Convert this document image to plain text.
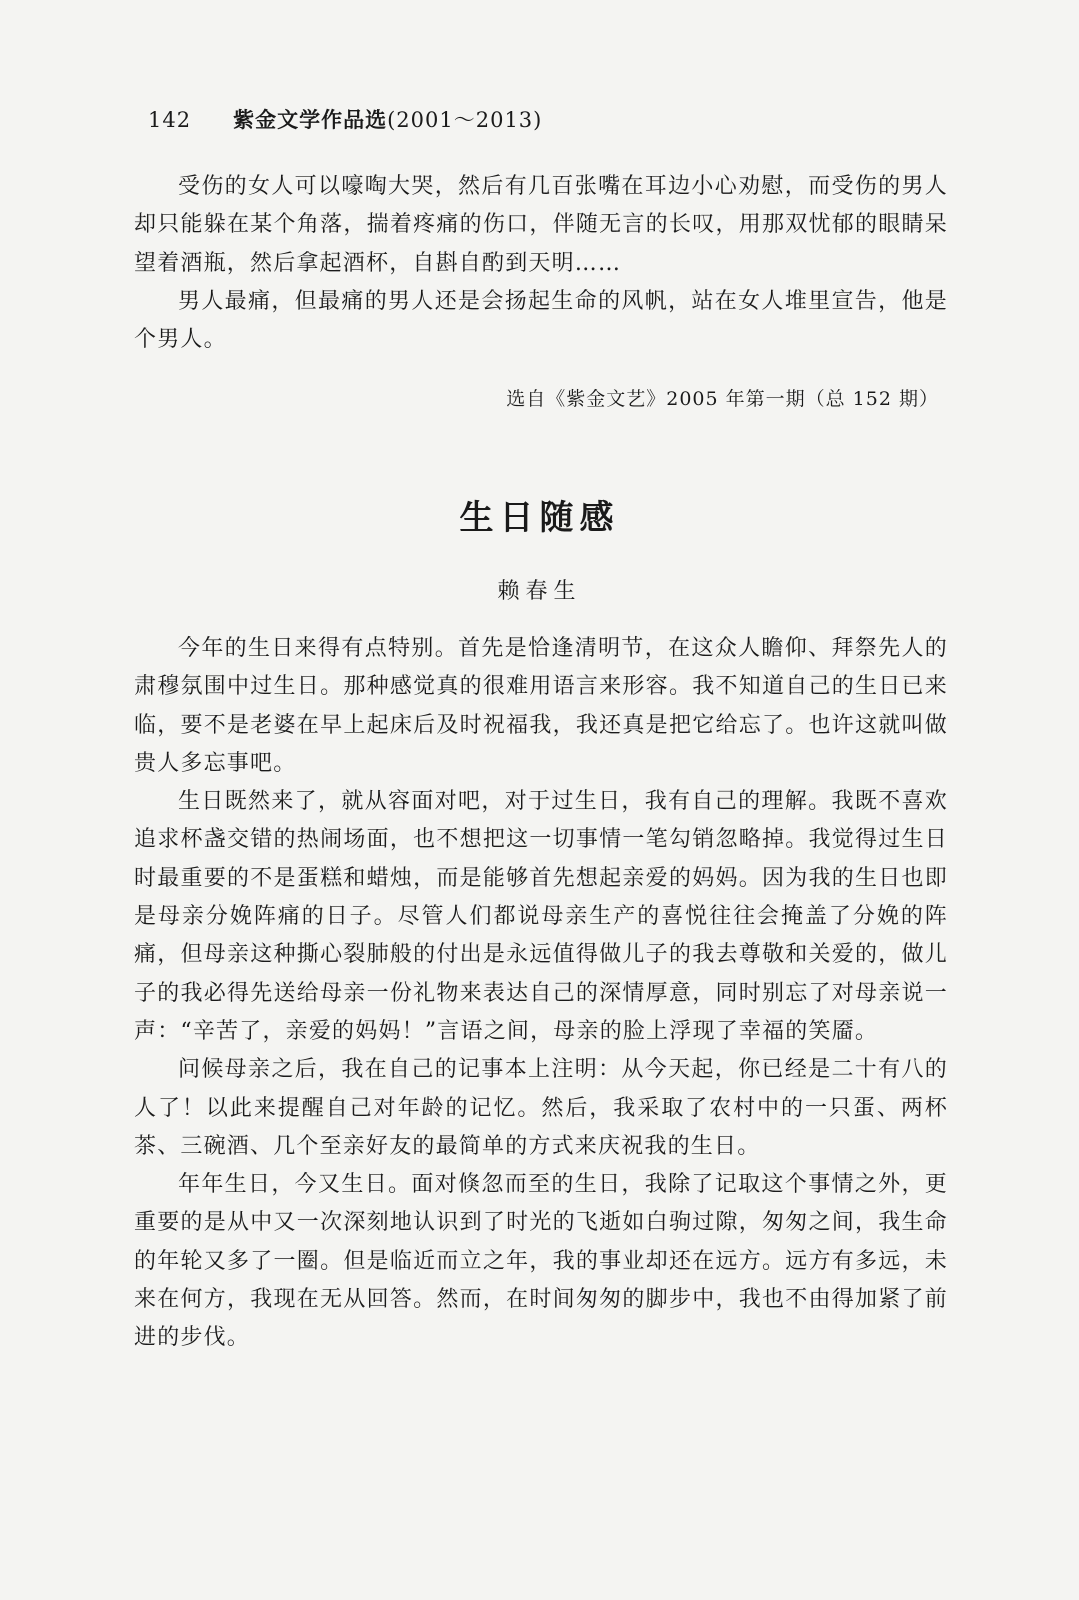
142 紫金文学作品选(2001～2013)

受伤的女人可以嚎啕大哭，然后有几百张嘴在耳边小心劝慰，而受伤的男人却只能躲在某个角落，揣着疼痛的伤口，伴随无言的长叹，用那双忧郁的眼睛呆望着酒瓶，然后拿起酒杯，自斟自酌到天明……

男人最痛，但最痛的男人还是会扬起生命的风帆，站在女人堆里宣告，他是个男人。

选自《紫金文艺》2005 年第一期（总 152 期）
生日随感
赖春生

今年的生日来得有点特别。首先是恰逢清明节，在这众人瞻仰、拜祭先人的肃穆氛围中过生日。那种感觉真的很难用语言来形容。我不知道自己的生日已来临，要不是老婆在早上起床后及时祝福我，我还真是把它给忘了。也许这就叫做贵人多忘事吧。

生日既然来了，就从容面对吧，对于过生日，我有自己的理解。我既不喜欢追求杯盏交错的热闹场面，也不想把这一切事情一笔勾销忽略掉。我觉得过生日时最重要的不是蛋糕和蜡烛，而是能够首先想起亲爱的妈妈。因为我的生日也即是母亲分娩阵痛的日子。尽管人们都说母亲生产的喜悦往往会掩盖了分娩的阵痛，但母亲这种撕心裂肺般的付出是永远值得做儿子的我去尊敬和关爱的，做儿子的我必得先送给母亲一份礼物来表达自己的深情厚意，同时别忘了对母亲说一声：“辛苦了，亲爱的妈妈！”言语之间，母亲的脸上浮现了幸福的笑靥。

问候母亲之后，我在自己的记事本上注明：从今天起，你已经是二十有八的人了！以此来提醒自己对年龄的记忆。然后，我采取了农村中的一只蛋、两杯茶、三碗酒、几个至亲好友的最简单的方式来庆祝我的生日。

年年生日，今又生日。面对倏忽而至的生日，我除了记取这个事情之外，更重要的是从中又一次深刻地认识到了时光的飞逝如白驹过隙，匆匆之间，我生命的年轮又多了一圈。但是临近而立之年，我的事业却还在远方。远方有多远，未来在何方，我现在无从回答。然而，在时间匆匆的脚步中，我也不由得加紧了前进的步伐。
